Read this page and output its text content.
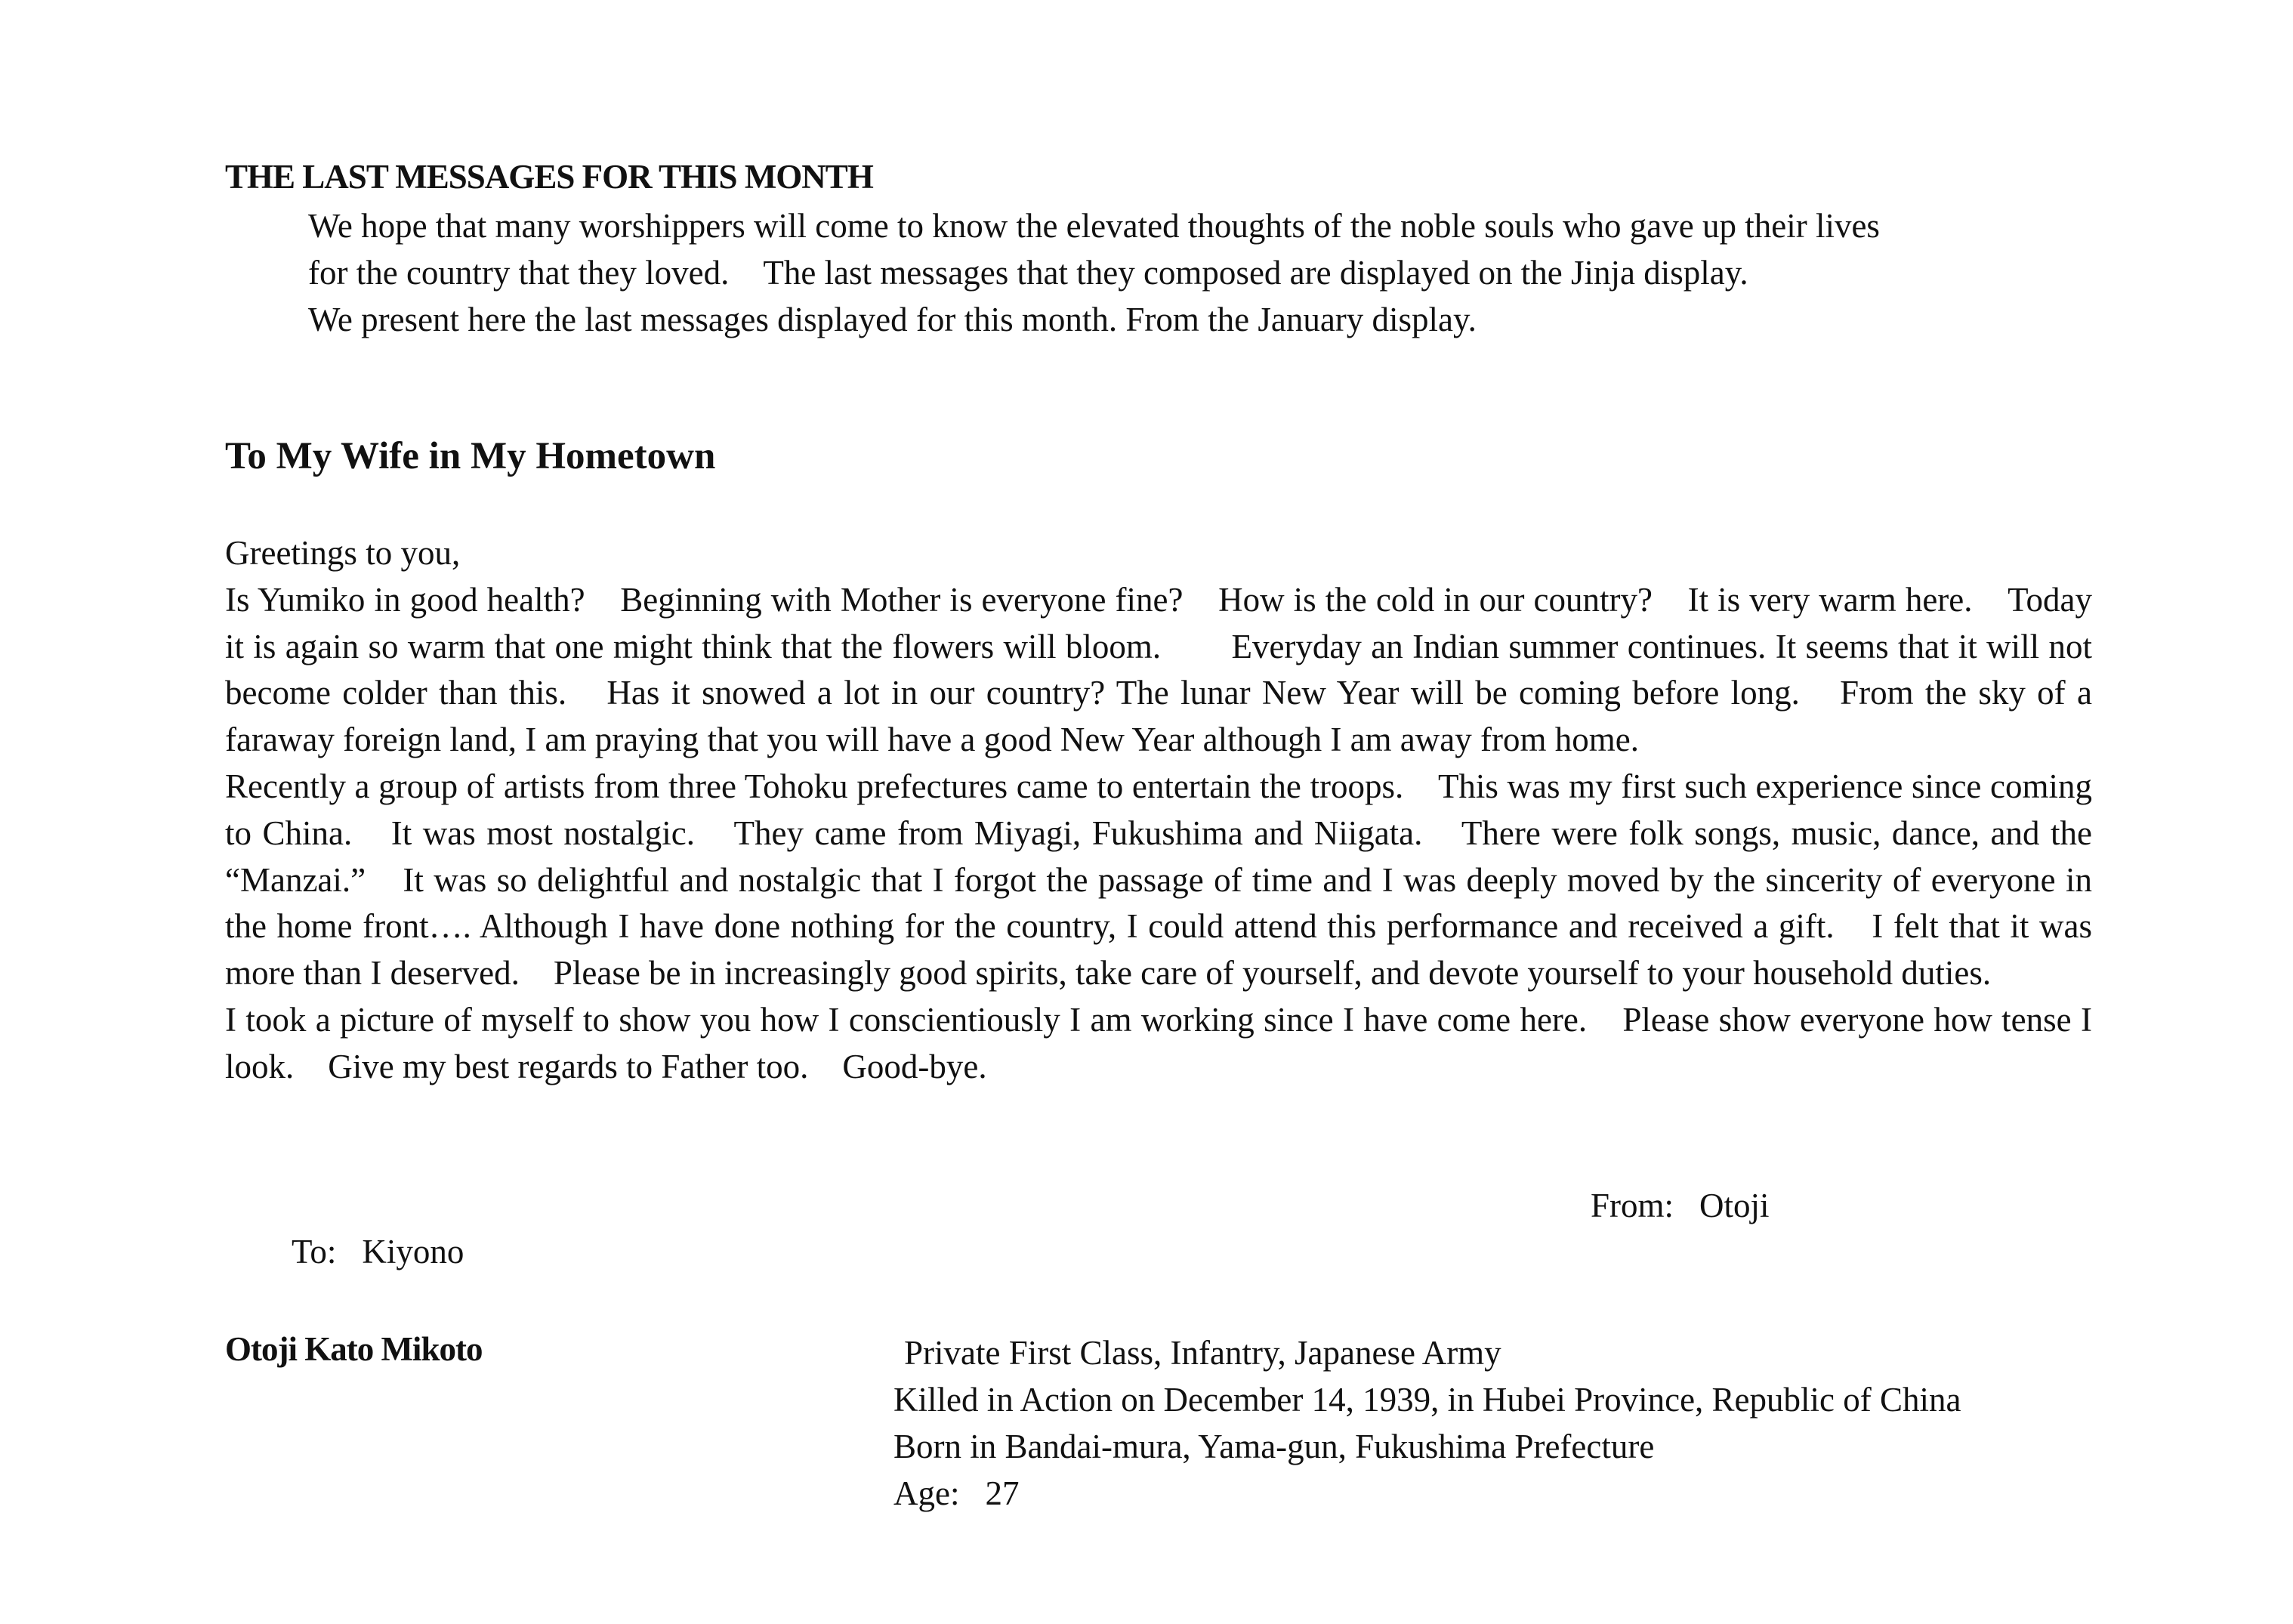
THE LAST MESSAGES FOR THIS MONTH

We hope that many worshippers will come to know the elevated thoughts of the noble souls who gave up their lives

for the country that they loved.　The last messages that they composed are displayed on the Jinja display.

We present here the last messages displayed for this month. From the January display.

To My Wife in My Hometown

Greetings to you,

Is Yumiko in good health?　Beginning with Mother is everyone fine?　How is the cold in our country?　It is very warm here.　Today it is again so warm that one might think that the flowers will bloom.　　Everyday an Indian summer continues. It seems that it will not become colder than this.　Has it snowed a lot in our country? The lunar New Year will be coming before long.　From the sky of a faraway foreign land, I am praying that you will have a good New Year although I am away from home.

Recently a group of artists from three Tohoku prefectures came to entertain the troops.　This was my first such experience since coming to China.　It was most nostalgic.　They came from Miyagi, Fukushima and Niigata.　There were folk songs, music, dance, and the “Manzai.”　It was so delightful and nostalgic that I forgot the passage of time and I was deeply moved by the sincerity of everyone in the home front…. Although I have done nothing for the country, I could attend this performance and received a gift.　I felt that it was more than I deserved.　Please be in increasingly good spirits, take care of yourself, and devote yourself to your household duties.

I took a picture of myself to show you how I conscientiously I am working since I have come here.　Please show everyone how tense I look.　Give my best regards to Father too.　Good-bye.

From: Otoji
To: Kiyono
Otoji Kato Mikoto	Private First Class, Infantry, Japanese Army

Killed in Action on December 14, 1939, in Hubei Province, Republic of China

Born in Bandai-mura, Yama-gun, Fukushima Prefecture

Age: 27
